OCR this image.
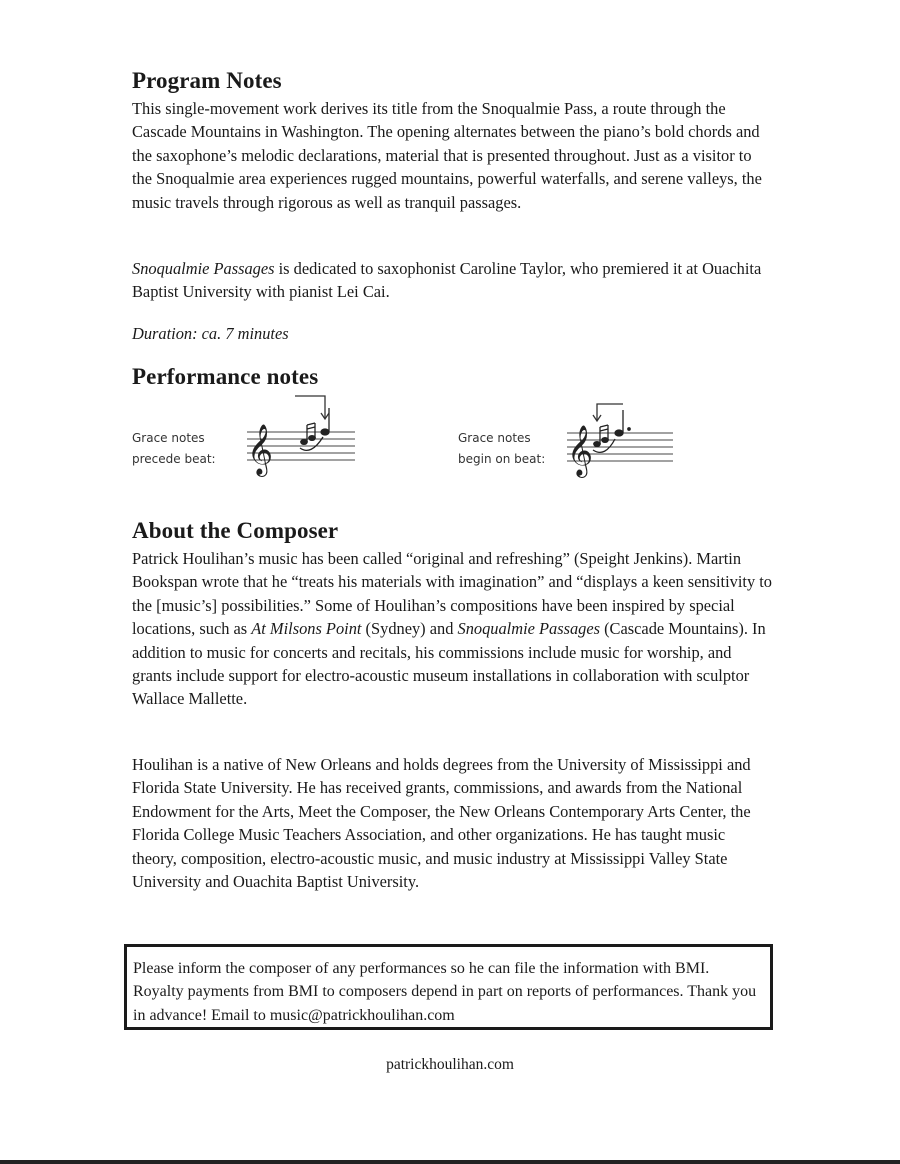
Program Notes

This single-movement work derives its title from the Snoqualmie Pass, a route through the Cascade Mountains in Washington. The opening alternates between the piano’s bold chords and the saxophone’s melodic declarations, material that is presented throughout. Just as a visitor to the Snoqualmie area experiences rugged mountains, powerful waterfalls, and serene valleys, the music travels through rigorous as well as tranquil passages.

Snoqualmie Passages is dedicated to saxophonist Caroline Taylor, who premiered it at Ouachita Baptist University with pianist Lei Cai.

Duration: ca. 7 minutes

Performance notes

Grace notes
precede beat: 𝄞	Grace notes
begin on beat: 𝄞
About the Composer

Patrick Houlihan’s music has been called “original and refreshing” (Speight Jenkins). Martin Bookspan wrote that he “treats his materials with imagination” and “displays a keen sensitivity to the [music’s] possibilities.” Some of Houlihan’s compositions have been inspired by special locations, such as At Milsons Point (Sydney) and Snoqualmie Passages (Cascade Mountains). In addition to music for concerts and recitals, his commissions include music for worship, and grants include support for electro-acoustic museum installations in collaboration with sculptor Wallace Mallette.

Houlihan is a native of New Orleans and holds degrees from the University of Mississippi and Florida State University. He has received grants, commissions, and awards from the National Endowment for the Arts, Meet the Composer, the New Orleans Contemporary Arts Center, the Florida College Music Teachers Association, and other organizations. He has taught music theory, composition, electro-acoustic music, and music industry at Mississippi Valley State University and Ouachita Baptist University.

Please inform the composer of any performances so he can file the information with BMI. Royalty payments from BMI to composers depend in part on reports of performances. Thank you in advance! Email to music@patrickhoulihan.com

patrickhoulihan.com
